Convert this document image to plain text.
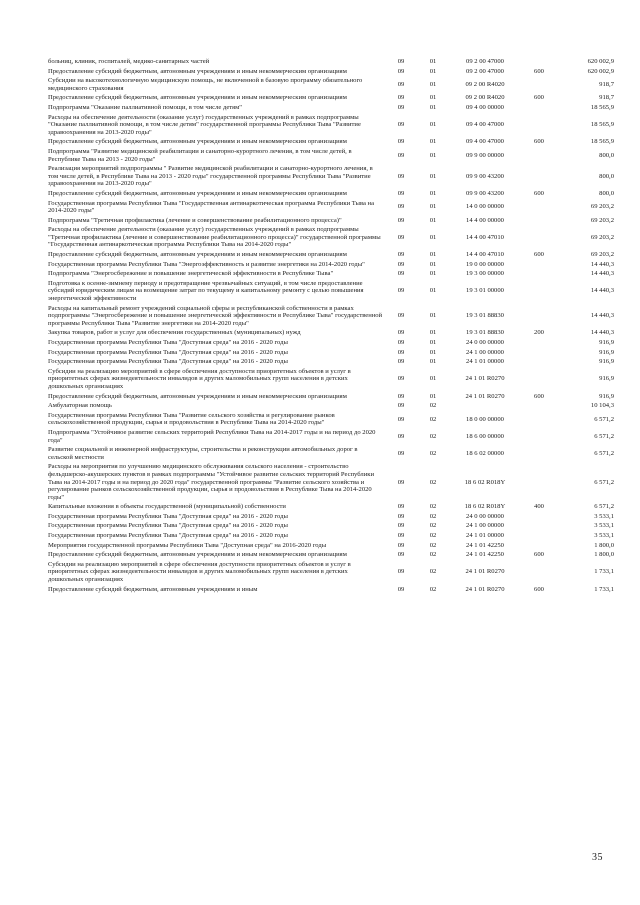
больниц, клиник, госпиталей, медико-санитарных частей	09	01	09 2 00 47000		620 002,9
Предоставление субсидий бюджетным, автономным учреждениям и иным некоммерческим организациям	09	01	09 2 00 47000	600	620 002,9
Субсидии на высокотехнологичную медицинскую помощь, не включенной в базовую программу обязательного медицинского страхования	09	01	09 2 00 R4020		918,7
Предоставление субсидий бюджетным, автономным учреждениям и иным некоммерческим организациям	09	01	09 2 00 R4020	600	918,7
Подпрограмма "Оказание паллиативной помощи, в том числе детям"	09	01	09 4 00 00000		18 565,9
Расходы на обеспечение деятельности (оказание услуг) государственных учреждений в рамках подпрограммы "Оказание паллиативной помощи, в том числе детям" государственной программы Республики Тыва "Развитие здравоохранения на 2013-2020 годы"	09	01	09 4 00 47000		18 565,9
Предоставление субсидий бюджетным, автономным учреждениям и иным некоммерческим организациям	09	01	09 4 00 47000	600	18 565,9
Подпрограмма "Развитие медицинской реабилитации и санаторно-курортного лечения, в том числе детей, в Республике Тыва на 2013 - 2020 годы"	09	01	09 9 00 00000		800,0
Реализация мероприятий подпрограммы " Развитие медицинской реабилитации и санаторно-курортного лечения, в том числе детей, в Республике Тыва на 2013 - 2020 годы" государственной программы Республики Тыва "Развитие здравоохранения на 2013-2020 годы"	09	01	09 9 00 43200		800,0
Предоставление субсидий бюджетным, автономным учреждениям и иным некоммерческим организациям	09	01	09 9 00 43200	600	800,0
Государственная программа Республики Тыва "Государственная антинаркотическая программа Республики Тыва на 2014-2020 годы"	09	01	14 0 00 00000		69 203,2
Подпрограмма "Третичная профилактика (лечение и совершенствование реабилитационного процесса)"	09	01	14 4 00 00000		69 203,2
Расходы на обеспечение деятельности (оказание услуг) государственных учреждений в рамках подпрограммы "Третичная профилактика (лечение и совершенствование реабилитационного процесса)" государственной программы "Государственная антинаркотическая программа Республики Тыва на 2014-2020 годы"	09	01	14 4 00 47010		69 203,2
Предоставление субсидий бюджетным, автономным учреждениям и иным некоммерческим организациям	09	01	14 4 00 47010	600	69 203,2
Государственная программа Республики Тыва "Энергоэффективность и развитие энергетики на 2014-2020 годы"	09	01	19 0 00 00000		14 440,3
Подпрограмма "Энергосбережение и повышение энергетической эффективности в Республике Тыва"	09	01	19 3 00 00000		14 440,3
Подготовка к осенне-зимнему периоду и предотвращение чрезвычайных ситуаций, в том числе предоставление субсидий юридическим лицам на возмещение затрат по текущему и капитальному ремонту с целью повышения энергетической эффективности	09	01	19 3 01 00000		14 440,3
Расходы на капитальный ремонт учреждений социальной сферы и республиканской собственности в рамках подпрограммы "Энергосбережение и повышение энергетической эффективности в Республике Тыва" государственной программы Республики Тыва "Развитие энергетики на 2014-2020 годы"	09	01	19 3 01 88830		14 440,3
Закупка товаров, работ и услуг для обеспечения государственных (муниципальных) нужд	09	01	19 3 01 88830	200	14 440,3
Государственная программа Республики Тыва "Доступная среда" на 2016 - 2020 годы	09	01	24 0 00 00000		916,9
Государственная программа Республики Тыва "Доступная среда" на 2016 - 2020 годы	09	01	24 1 00 00000		916,9
Государственная программа Республики Тыва "Доступная среда" на 2016 - 2020 годы	09	01	24 1 01 00000		916,9
Субсидии на реализацию мероприятий в сфере обеспечения доступности приоритетных объектов и услуг в приоритетных сферах жизнедеятельности инвалидов и других маломобильных групп населения в детских дошкольных организациях	09	01	24 1 01 R0270		916,9
Предоставление субсидий бюджетным, автономным учреждениям и иным некоммерческим организациям	09	01	24 1 01 R0270	600	916,9
Амбулаторная помощь	09	02			10 104,3
Государственная программа Республики Тыва "Развитие сельского хозяйства и регулирование рынков сельскохозяйственной продукции, сырья и продовольствия в Республике Тыва на 2014-2020 годы"	09	02	18 0 00 00000		6 571,2
Подпрограмма "Устойчивое развитие сельских территорий Республики Тыва на 2014-2017 годы и на период до 2020 года"	09	02	18 6 00 00000		6 571,2
Развитие социальной и инженерной инфраструктуры, строительства и реконструкции автомобильных дорог в сельской местности	09	02	18 6 02 00000		6 571,2
Расходы на мероприятия по улучшению медицинского обслуживания сельского населения - строительство фельдшерско-акушерских пунктов в рамках подпрограммы "Устойчивое развитие сельских территорий Республики Тыва на 2014-2017 годы и на период до 2020 года" государственной программы "Развитие сельского хозяйства и регулирование рынков сельскохозяйственной продукции, сырья и продовольствия в Республике Тыва на 2014-2020 годы"	09	02	18 6 02 R018Y		6 571,2
Капитальные вложения в объекты государственной (муниципальной) собственности	09	02	18 6 02 R018Y	400	6 571,2
Государственная программа Республики Тыва "Доступная среда" на 2016 - 2020 годы	09	02	24 0 00 00000		3 533,1
Государственная программа Республики Тыва "Доступная среда" на 2016 - 2020 годы	09	02	24 1 00 00000		3 533,1
Государственная программа Республики Тыва "Доступная среда" на 2016 - 2020 годы	09	02	24 1 01 00000		3 533,1
Мероприятия государственной программы Республики Тыва "Доступная среда" на 2016-2020 годы	09	02	24 1 01 42250		1 800,0
Предоставление субсидий бюджетным, автономным учреждениям и иным некоммерческим организациям	09	02	24 1 01 42250	600	1 800,0
Субсидии на реализацию мероприятий в сфере обеспечения доступности приоритетных объектов и услуг в приоритетных сферах жизнедеятельности инвалидов и других маломобильных групп населения в детских дошкольных организациях	09	02	24 1 01 R0270		1 733,1
Предоставление субсидий бюджетным, автономным учреждениям и иным	09	02	24 1 01 R0270	600	1 733,1
35
